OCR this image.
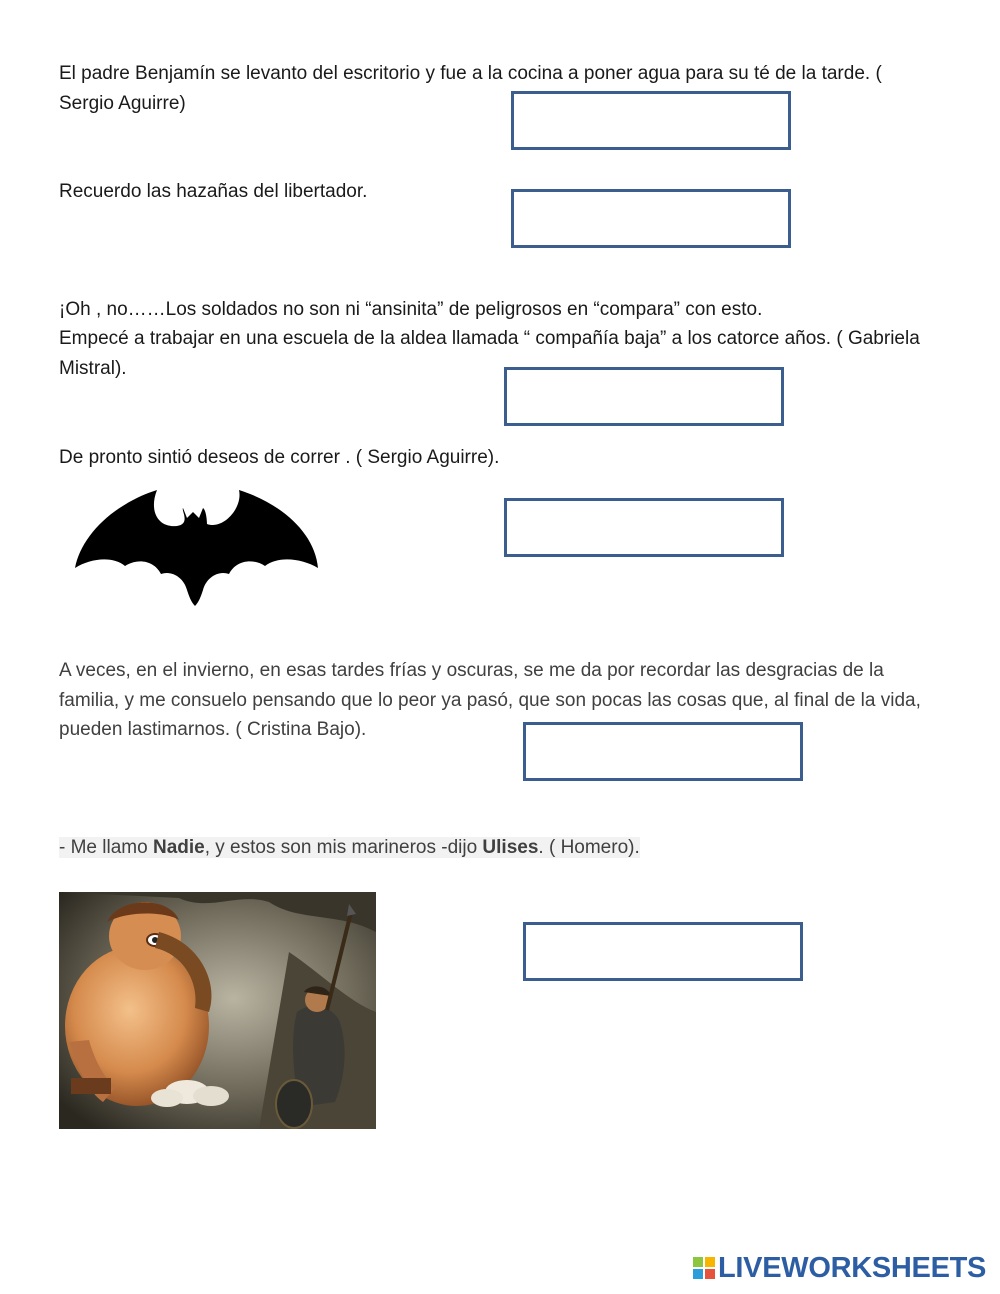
El padre Benjamín se levanto del escritorio y fue a la cocina a poner agua para su té de la tarde. ( Sergio Aguirre)
Recuerdo las hazañas del libertador.
¡Oh , no……Los soldados no son ni “ansinita” de peligrosos en “compara” con esto.
Empecé a trabajar en una escuela de la aldea llamada “ compañía baja” a los catorce años. ( Gabriela Mistral).
De pronto sintió deseos de correr . ( Sergio Aguirre).
A veces, en el invierno, en esas tardes frías y oscuras, se me da por recordar las desgracias de la familia, y me consuelo pensando que lo peor ya pasó, que son pocas las cosas que, al final de la vida, pueden lastimarnos. ( Cristina Bajo).
- Me llamo Nadie, y estos son mis marineros -dijo Ulises. ( Homero).
LIVEWORKSHEETS
